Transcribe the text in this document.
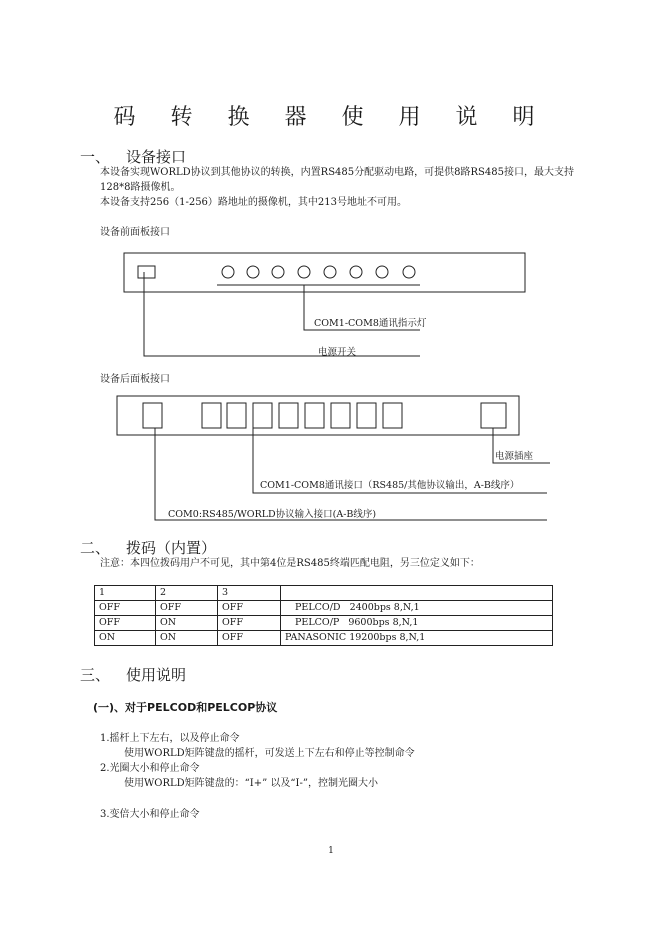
码 转 换 器 使 用 说 明
一、 设备接口
本设备实现WORLD协议到其他协议的转换，内置RS485分配驱动电路，可提供8路RS485接口，最大支持
128*8路摄像机。
本设备支持256（1-256）路地址的摄像机，其中213号地址不可用。
设备前面板接口
COM1-COM8通讯指示灯
电源开关
设备后面板接口
电源插座
COM1-COM8通讯接口（RS485/其他协议输出，A-B线序）
COM0:RS485/WORLD协议输入接口(A-B线序)
二、 拨码（内置）
注意：本四位拨码用户不可见，其中第4位是RS485终端匹配电阻，另三位定义如下：
1	2	3	
OFF	OFF	OFF	PELCO/D   2400bps 8,N,1
OFF	ON	OFF	PELCO/P   9600bps 8,N,1
ON	ON	OFF	PANASONIC 19200bps 8,N,1
三、 使用说明
(一)、对于PELCOD和PELCOP协议
1.摇杆上下左右，以及停止命令
使用WORLD矩阵键盘的摇杆，可发送上下左右和停止等控制命令
2.光圈大小和停止命令
使用WORLD矩阵键盘的：“I+” 以及“I-”，控制光圈大小
3.变倍大小和停止命令
1
